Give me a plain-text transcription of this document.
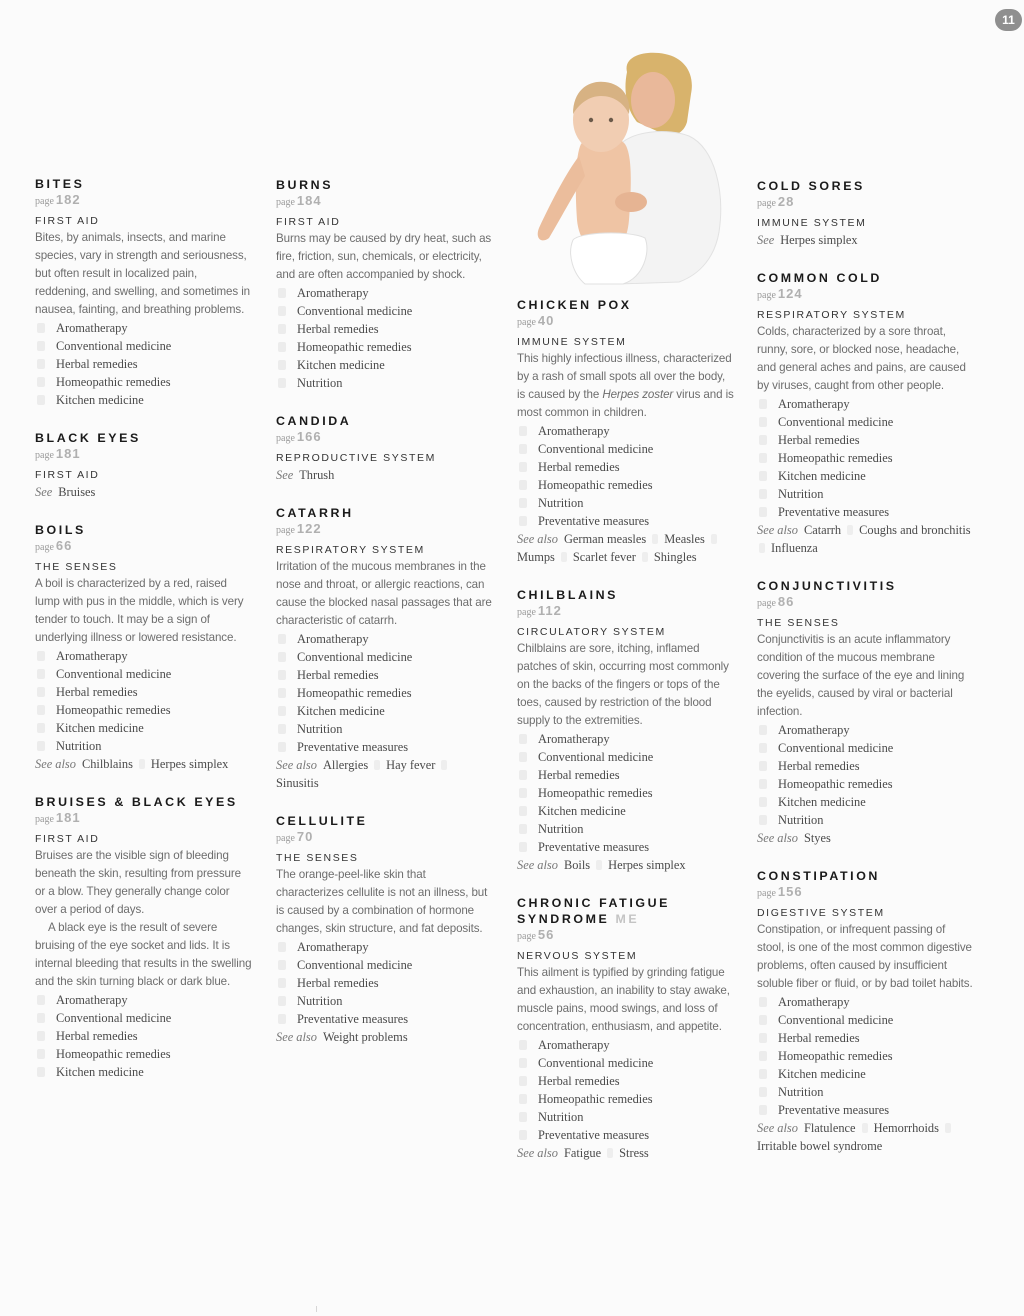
11
BITES
page 182
FIRST AID

Bites, by animals, insects, and marine species, vary in strength and seriousness, but often result in localized pain, reddening, and swelling, and sometimes in nausea, fainting, and breathing problems.

Aromatherapy
Conventional medicine
Herbal remedies
Homeopathic remedies
Kitchen medicine
BLACK EYES
page 181
FIRST AID
See Bruises
BOILS
page 66
THE SENSES

A boil is characterized by a red, raised lump with pus in the middle, which is very tender to touch. It may be a sign of underlying illness or lowered resistance.

Aromatherapy
Conventional medicine
Herbal remedies
Homeopathic remedies
Kitchen medicine
Nutrition
See also Chilblains Herpes simplex
BRUISES & BLACK EYES
page 181
FIRST AID

Bruises are the visible sign of bleeding beneath the skin, resulting from pressure or a blow. They generally change color over a period of days.

A black eye is the result of severe bruising of the eye socket and lids. It is internal bleeding that results in the swelling and the skin turning black or dark blue.

Aromatherapy
Conventional medicine
Herbal remedies
Homeopathic remedies
Kitchen medicine
BURNS
page 184
FIRST AID

Burns may be caused by dry heat, such as fire, friction, sun, chemicals, or electricity, and are often accompanied by shock.

Aromatherapy
Conventional medicine
Herbal remedies
Homeopathic remedies
Kitchen medicine
Nutrition
CANDIDA
page 166
REPRODUCTIVE SYSTEM
See Thrush
CATARRH
page 122
RESPIRATORY SYSTEM

Irritation of the mucous membranes in the nose and throat, or allergic reactions, can cause the blocked nasal passages that are characteristic of catarrh.

Aromatherapy
Conventional medicine
Herbal remedies
Homeopathic remedies
Kitchen medicine
Nutrition
Preventative measures
See also Allergies Hay feverSinusitis
CELLULITE
page 70
THE SENSES

The orange-peel-like skin that characterizes cellulite is not an illness, but is caused by a combination of hormone changes, skin structure, and fat deposits.

Aromatherapy
Conventional medicine
Herbal remedies
Nutrition
Preventative measures
See also Weight problems
CHICKEN POX
page 40
IMMUNE SYSTEM

This highly infectious illness, characterized by a rash of small spots all over the body, is caused by the Herpes zoster virus and is most common in children.

Aromatherapy
Conventional medicine
Herbal remedies
Homeopathic remedies
Nutrition
Preventative measures
See also German measles MeaslesMumps Scarlet fever Shingles
CHILBLAINS
page 112
CIRCULATORY SYSTEM

Chilblains are sore, itching, inflamed patches of skin, occurring most commonly on the backs of the fingers or tops of the toes, caused by restriction of the blood supply to the extremities.

Aromatherapy
Conventional medicine
Herbal remedies
Homeopathic remedies
Kitchen medicine
Nutrition
Preventative measures
See also Boils Herpes simplex
CHRONIC FATIGUE SYNDROME ME
page 56
NERVOUS SYSTEM

This ailment is typified by grinding fatigue and exhaustion, an inability to stay awake, muscle pains, mood swings, and loss of concentration, enthusiasm, and appetite.

Aromatherapy
Conventional medicine
Herbal remedies
Homeopathic remedies
Nutrition
Preventative measures
See also Fatigue Stress
COLD SORES
page 28
IMMUNE SYSTEM
See Herpes simplex
COMMON COLD
page 124
RESPIRATORY SYSTEM

Colds, characterized by a sore throat, runny, sore, or blocked nose, headache, and general aches and pains, are caused by viruses, caught from other people.

Aromatherapy
Conventional medicine
Herbal remedies
Homeopathic remedies
Kitchen medicine
Nutrition
Preventative measures
See also Catarrh Coughs and bronchitisInfluenza
CONJUNCTIVITIS
page 86
THE SENSES

Conjunctivitis is an acute inflammatory condition of the mucous membrane covering the surface of the eye and lining the eyelids, caused by viral or bacterial infection.

Aromatherapy
Conventional medicine
Herbal remedies
Homeopathic remedies
Kitchen medicine
Nutrition
See also Styes
CONSTIPATION
page 156
DIGESTIVE SYSTEM

Constipation, or infrequent passing of stool, is one of the most common digestive problems, often caused by insufficient soluble fiber or fluid, or by bad toilet habits.

Aromatherapy
Conventional medicine
Herbal remedies
Homeopathic remedies
Kitchen medicine
Nutrition
Preventative measures
See also Flatulence HemorrhoidsIrritable bowel syndrome
